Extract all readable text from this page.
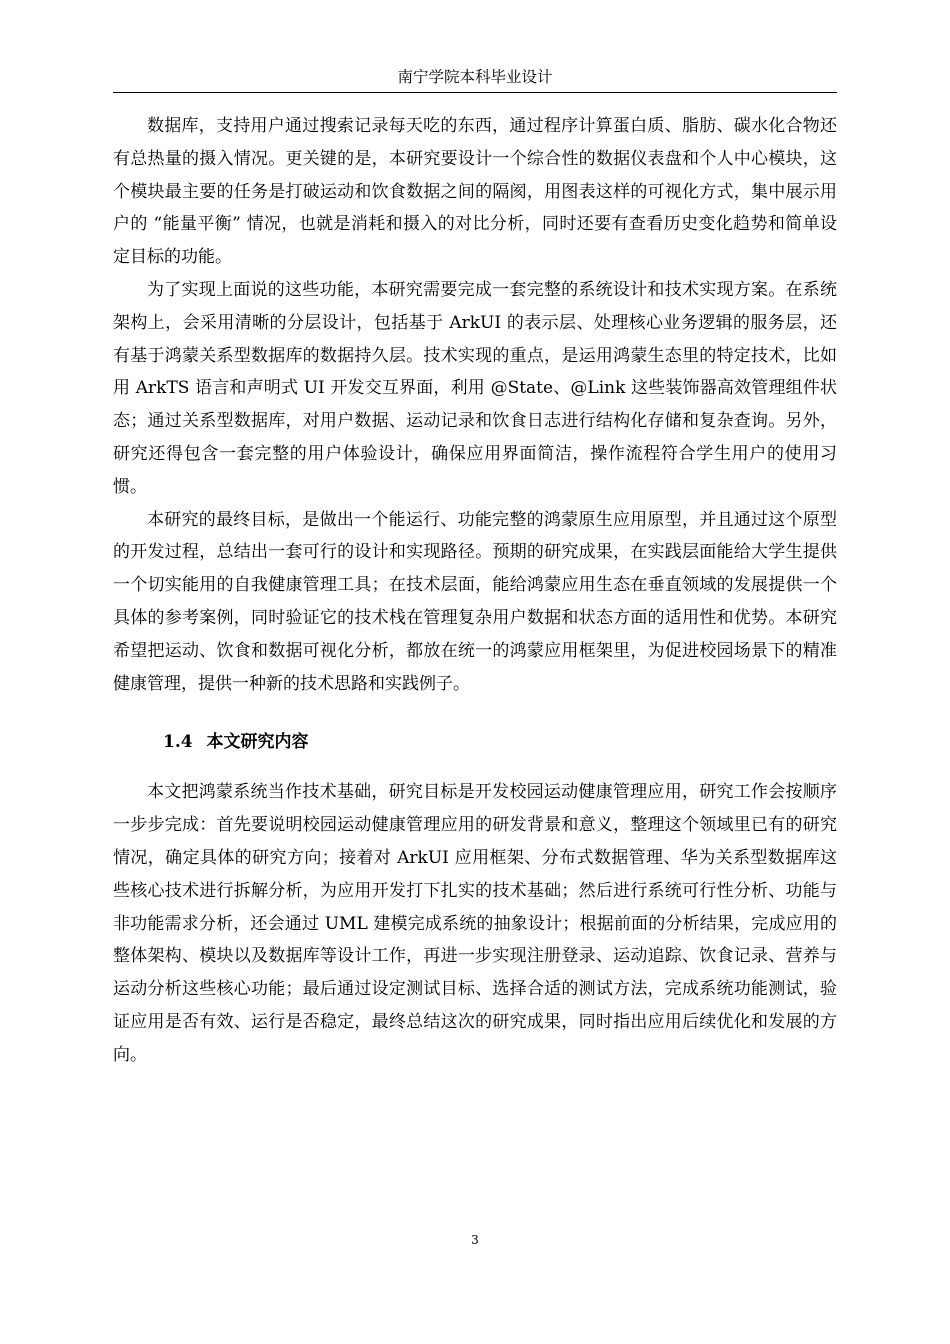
南宁学院本科毕业设计

数据库，支持用户通过搜索记录每天吃的东西，通过程序计算蛋白质、脂肪、碳水化合物还有总热量的摄入情况。更关键的是，本研究要设计一个综合性的数据仪表盘和个人中心模块，这个模块最主要的任务是打破运动和饮食数据之间的隔阂，用图表这样的可视化方式，集中展示用户的 “能量平衡” 情况，也就是消耗和摄入的对比分析，同时还要有查看历史变化趋势和简单设定目标的功能。

为了实现上面说的这些功能，本研究需要完成一套完整的系统设计和技术实现方案。在系统架构上，会采用清晰的分层设计，包括基于 ArkUI 的表示层、处理核心业务逻辑的服务层，还有基于鸿蒙关系型数据库的数据持久层。技术实现的重点，是运用鸿蒙生态里的特定技术，比如用 ArkTS 语言和声明式 UI 开发交互界面，利用 @State、@Link 这些装饰器高效管理组件状态；通过关系型数据库，对用户数据、运动记录和饮食日志进行结构化存储和复杂查询。另外，研究还得包含一套完整的用户体验设计，确保应用界面简洁，操作流程符合学生用户的使用习惯。

本研究的最终目标，是做出一个能运行、功能完整的鸿蒙原生应用原型，并且通过这个原型的开发过程，总结出一套可行的设计和实现路径。预期的研究成果，在实践层面能给大学生提供一个切实能用的自我健康管理工具；在技术层面，能给鸿蒙应用生态在垂直领域的发展提供一个具体的参考案例，同时验证它的技术栈在管理复杂用户数据和状态方面的适用性和优势。本研究希望把运动、饮食和数据可视化分析，都放在统一的鸿蒙应用框架里，为促进校园场景下的精准健康管理，提供一种新的技术思路和实践例子。

1.4 本文研究内容

本文把鸿蒙系统当作技术基础，研究目标是开发校园运动健康管理应用，研究工作会按顺序一步步完成：首先要说明校园运动健康管理应用的研发背景和意义，整理这个领域里已有的研究情况，确定具体的研究方向；接着对 ArkUI 应用框架、分布式数据管理、华为关系型数据库这些核心技术进行拆解分析，为应用开发打下扎实的技术基础；然后进行系统可行性分析、功能与非功能需求分析，还会通过 UML 建模完成系统的抽象设计；根据前面的分析结果，完成应用的整体架构、模块以及数据库等设计工作，再进一步实现注册登录、运动追踪、饮食记录、营养与运动分析这些核心功能；最后通过设定测试目标、选择合适的测试方法，完成系统功能测试，验证应用是否有效、运行是否稳定，最终总结这次的研究成果，同时指出应用后续优化和发展的方向。

3
